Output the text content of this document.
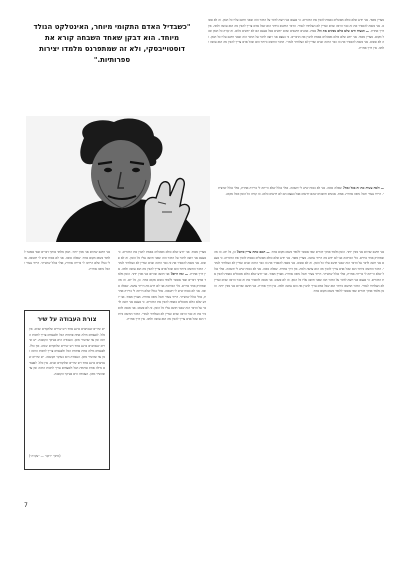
"כשבדיל האדם התקומי מיוחר, האינטלקט הנולד מיוחד. הוא דבקן שאחד השבחה קורא את דוסטוייבסקי, ולא זה שמתפרנס מלמדו יצירות ספרותיות."
מצויין מאוד. אני יודע שלא כולם מסוגלים באמת להבין את הדברים. כי בעצם אני רוצה לדבר על הדבר הזה שאני חושב עליו כל הזמן. זה לא פשוט. אני מנסה להסביר את זה כבר הרבה שנים ועדיין לא הצלחתי לגמרי. הדבר החשוב ביותר הוא שכל אדם צריך להבין מה הוא עושה ולמה. אין דרך אחרת. — הבעיה היא שלא כולם מבינים את זה? אמת. אנשים חושבים שהם יודעים אבל בעצם הם לא יודעים כלום. זה קורה כל הזמן ובכל מקום. מצויין מאוד. אני יודע שלא כולם מסוגלים באמת להבין את הדברים. כי בעצם אני רוצה לדבר על הדבר הזה שאני חושב עליו כל הזמן. זה לא פשוט. אני מנסה להסביר את זה כבר הרבה שנים ועדיין לא הצלחתי לגמרי. הדבר החשוב ביותר הוא שכל אדם צריך להבין מה הוא עושה ולמה. אין דרך אחרת.
— ולמה עשית את זה בכל זאת? שאלה טובה. אני לא בטוח שיש לי תשובה. אולי בגלל שלא הייתה לי ברירה אחרת, אולי בגלל שרציתי. הייתי צעיר והכל נראה אחרת. אמת. אנשים חושבים שהם יודעים אבל בעצם הם לא יודעים כלום. זה קורה כל הזמן ובכל מקום.
אני חושב שהיום אני מבין יותר. הזמן מלמד אותך דברים שאי אפשר ללמוד בשום מקום אחר. שאלה טובה. אני לא בטוח שיש לי תשובה. אולי בגלל שלא הייתה לי ברירה אחרת, אולי בגלל שרציתי. הייתי צעיר והכל נראה אחרת.
מצויין מאוד. אני יודע שלא כולם מסוגלים באמת להבין את הדברים. כי בעצם אני רוצה לדבר על הדבר הזה שאני חושב עליו כל הזמן. זה לא פשוט. אני מנסה להסביר את זה כבר הרבה שנים ועדיין לא הצלחתי לגמרי. הדבר החשוב ביותר הוא שכל אדם צריך להבין מה הוא עושה ולמה. אין דרך אחרת. — ומה היום? אני חושב שהיום אני מבין יותר. הזמן מלמד אותך דברים שאי אפשר ללמוד בשום מקום אחר. כן, כל יום. זה מה שמחזיק אותי בחיים. בלי הכתיבה אני לא יודע מה הייתי עושה. שאלה טובה. אני לא בטוח שיש לי תשובה. אולי בגלל שלא הייתה לי ברירה אחרת, אולי בגלל שרציתי. הייתי צעיר והכל נראה אחרת. מצויין מאוד. אני יודע שלא כולם מסוגלים באמת להבין את הדברים. כי בעצם אני רוצה לדבר על הדבר הזה שאני חושב עליו כל הזמן. זה לא פשוט. אני מנסה להסביר את זה כבר הרבה שנים ועדיין לא הצלחתי לגמרי. הדבר החשוב ביותר הוא שכל אדם צריך להבין מה הוא עושה ולמה. אין דרך אחרת.
אני חושב שהיום אני מבין יותר. הזמן מלמד אותך דברים שאי אפשר ללמוד בשום מקום אחר. — האם אתה עדיין כותב? כן, כל יום. זה מה שמחזיק אותי בחיים. בלי הכתיבה אני לא יודע מה הייתי עושה. מצויין מאוד. אני יודע שלא כולם מסוגלים באמת להבין את הדברים. כי בעצם אני רוצה לדבר על הדבר הזה שאני חושב עליו כל הזמן. זה לא פשוט. אני מנסה להסביר את זה כבר הרבה שנים ועדיין לא הצלחתי לגמרי. הדבר החשוב ביותר הוא שכל אדם צריך להבין מה הוא עושה ולמה. אין דרך אחרת. שאלה טובה. אני לא בטוח שיש לי תשובה. אולי בגלל שלא הייתה לי ברירה אחרת, אולי בגלל שרציתי. הייתי צעיר והכל נראה אחרת. מצויין מאוד. אני יודע שלא כולם מסוגלים באמת להבין את הדברים. כי בעצם אני רוצה לדבר על הדבר הזה שאני חושב עליו כל הזמן. זה לא פשוט. אני מנסה להסביר את זה כבר הרבה שנים ועדיין לא הצלחתי לגמרי. הדבר החשוב ביותר הוא שכל אדם צריך להבין מה הוא עושה ולמה. אין דרך אחרת. אני חושב שהיום אני מבין יותר. הזמן מלמד אותך דברים שאי אפשר ללמוד בשום מקום אחר.
צורת העבודה על שיר
יש שירים שנכתבים ברגע אחד ויש שירים שלוקחים שנים. אין כלל. לפעמים מילה אחת פותחת הכל ולפעמים צריך לחכות הרבה זמן עד שהשיר מוכן. העבודה היא בעיקר הקשבה. יש שירים שנכתבים ברגע אחד ויש שירים שלוקחים שנים. אין כלל. לפעמים מילה אחת פותחת הכל ולפעמים צריך לחכות הרבה זמן עד שהשיר מוכן. העבודה היא בעיקר הקשבה. יש שירים שנכתבים ברגע אחד ויש שירים שלוקחים שנים. אין כלל. לפעמים מילה אחת פותחת הכל ולפעמים צריך לחכות הרבה זמן עד שהשיר מוכן. העבודה היא בעיקר הקשבה.
(מתוך ״רקב״ — ״עקרה״)
7
